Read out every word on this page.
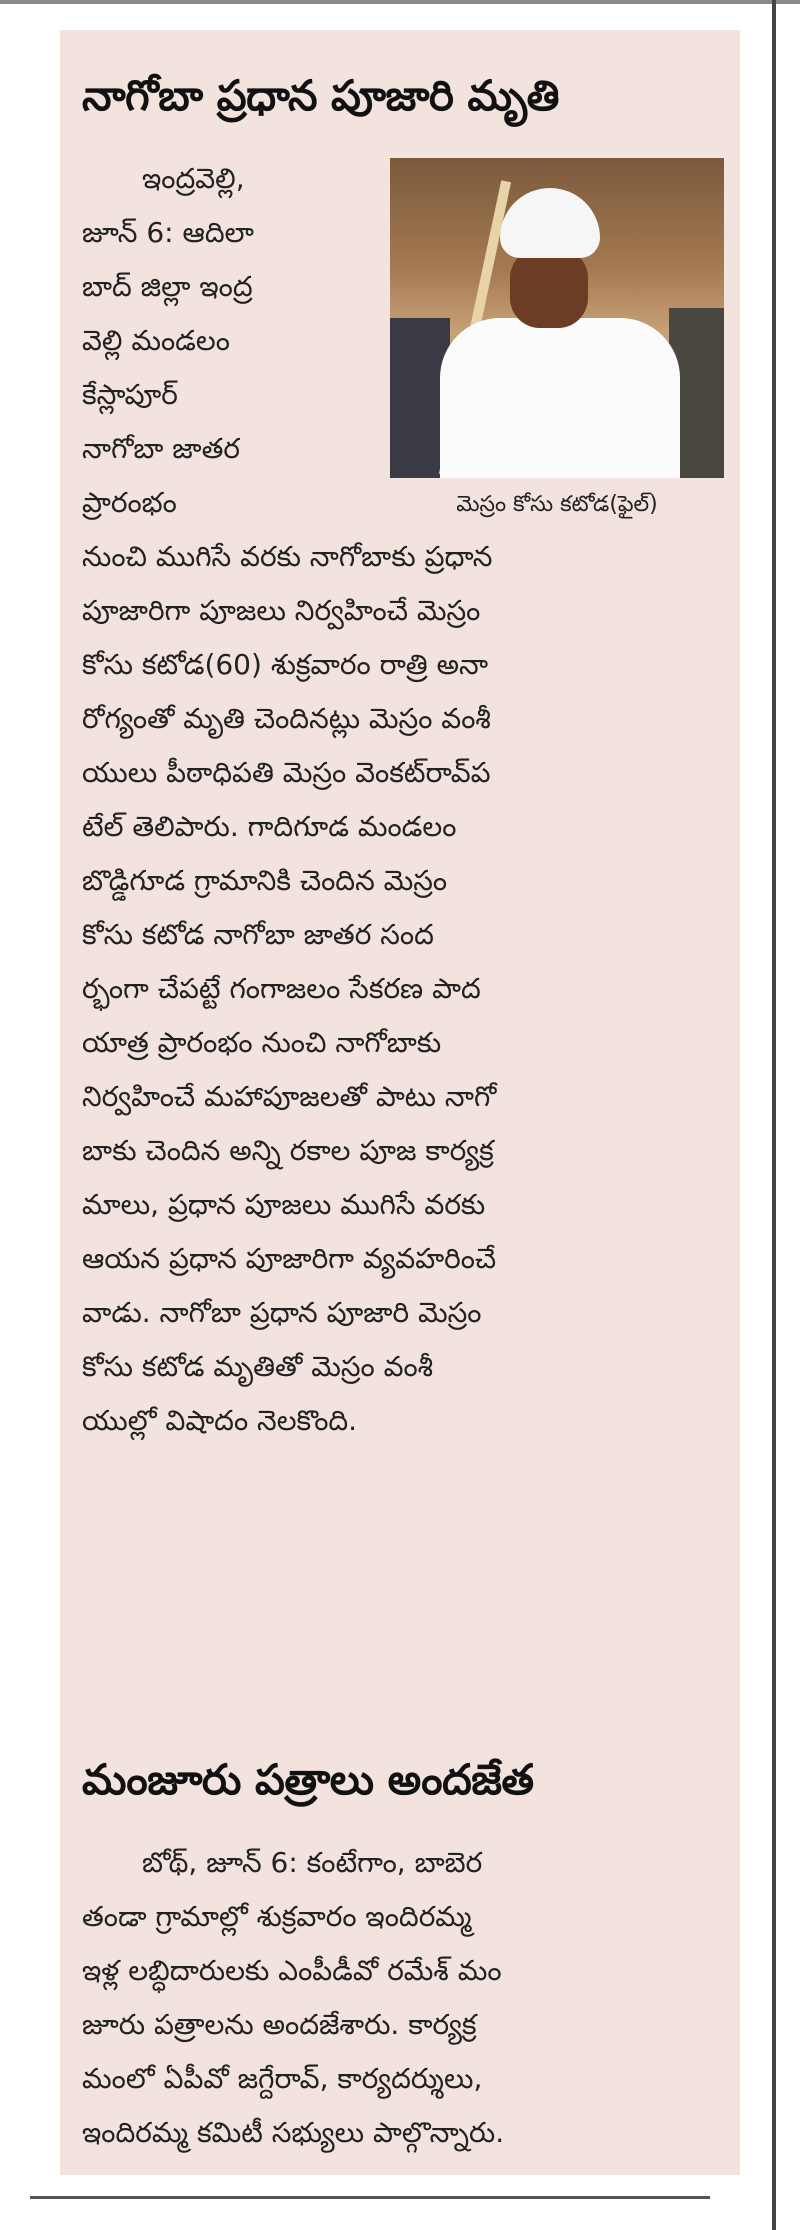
నాగోబా ప్రధాన పూజారి మృతి
ఇంద్రవెల్లి,
జూన్ 6: ఆదిలా
బాద్ జిల్లా ఇంద్ర
వెల్లి మండలం
కేస్లాపూర్
నాగోబా జాతర
ప్రారంభం	మెస్రం కోసు కటోడ(ఫైల్)
నుంచి ముగిసే వరకు నాగోబాకు ప్రధాన
పూజారిగా పూజలు నిర్వహించే మెస్రం
కోసు కటోడ(60) శుక్రవారం రాత్రి అనా
రోగ్యంతో మృతి చెందినట్లు మెస్రం వంశీ
యులు పీఠాధిపతి మెస్రం వెంకట్‌రావ్‌ప
టేల్ తెలిపారు. గాదిగూడ మండలం
బొడ్డిగూడ గ్రామానికి చెందిన మెస్రం
కోసు కటోడ నాగోబా జాతర సంద
ర్భంగా చేపట్టే గంగాజలం సేకరణ పాద
యాత్ర ప్రారంభం నుంచి నాగోబాకు
నిర్వహించే మహాపూజలతో పాటు నాగో
బాకు చెందిన అన్ని రకాల పూజ కార్యక్ర
మాలు, ప్రధాన పూజలు ముగిసే వరకు
ఆయన ప్రధాన పూజారిగా వ్యవహరించే
వాడు. నాగోబా ప్రధాన పూజారి మెస్రం
కోసు కటోడ మృతితో మెస్రం వంశీ
యుల్లో విషాదం నెలకొంది.
మంజూరు పత్రాలు అందజేత
బోథ్, జూన్ 6: కంటేగాం, బాబెర
తండా గ్రామాల్లో శుక్రవారం ఇందిరమ్మ
ఇళ్ల లబ్ధిదారులకు ఎంపీడీవో రమేశ్ మం
జూరు పత్రాలను అందజేశారు. కార్యక్ర
మంలో ఏపీవో జగ్దేరావ్, కార్యదర్శులు,
ఇందిరమ్మ కమిటీ సభ్యులు పాల్గొన్నారు.
